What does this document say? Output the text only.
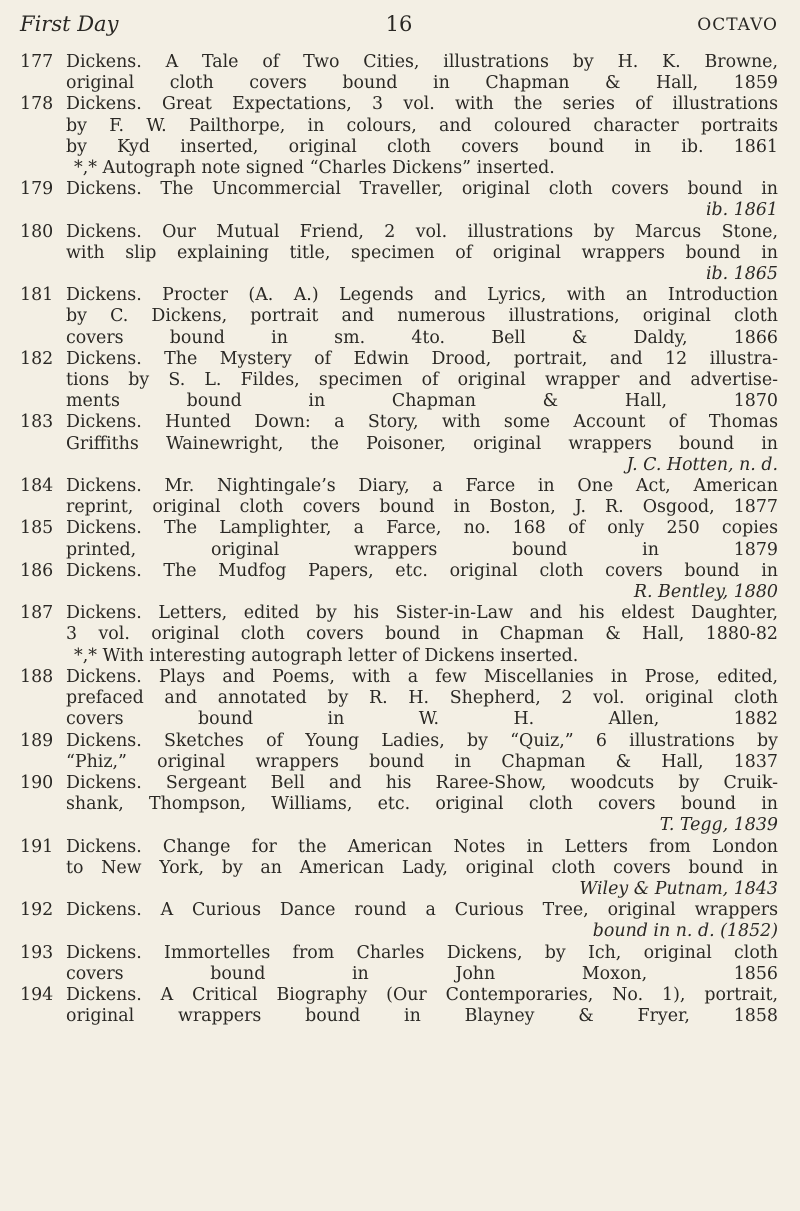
First Day	16	OCTAVO
177 Dickens. A Tale of Two Cities, illustrations by H. K. Browne,
original cloth covers bound in Chapman & Hall, 1859
178 Dickens. Great Expectations, 3 vol. with the series of illustrations
by F. W. Pailthorpe, in colours, and coloured character portraits
by Kyd inserted, original cloth covers bound in ib. 1861
*,* Autograph note signed “Charles Dickens” inserted.
179 Dickens. The Uncommercial Traveller, original cloth covers bound in
ib. 1861
180 Dickens. Our Mutual Friend, 2 vol. illustrations by Marcus Stone,
with slip explaining title, specimen of original wrappers bound in
ib. 1865
181 Dickens. Procter (A. A.) Legends and Lyrics, with an Introduction
by C. Dickens, portrait and numerous illustrations, original cloth
covers bound in sm. 4to. Bell & Daldy, 1866
182 Dickens. The Mystery of Edwin Drood, portrait, and 12 illustra-
tions by S. L. Fildes, specimen of original wrapper and advertise-
ments bound in Chapman & Hall, 1870
183 Dickens. Hunted Down: a Story, with some Account of Thomas
Griffiths Wainewright, the Poisoner, original wrappers bound in
J. C. Hotten, n. d.
184 Dickens. Mr. Nightingale’s Diary, a Farce in One Act, American
reprint, original cloth covers bound in Boston, J. R. Osgood, 1877
185 Dickens. The Lamplighter, a Farce, no. 168 of only 250 copies
printed, original wrappers bound in 1879
186 Dickens. The Mudfog Papers, etc. original cloth covers bound in
R. Bentley, 1880
187 Dickens. Letters, edited by his Sister-in-Law and his eldest Daughter,
3 vol. original cloth covers bound in Chapman & Hall, 1880-82
*,* With interesting autograph letter of Dickens inserted.
188 Dickens. Plays and Poems, with a few Miscellanies in Prose, edited,
prefaced and annotated by R. H. Shepherd, 2 vol. original cloth
covers bound in W. H. Allen, 1882
189 Dickens. Sketches of Young Ladies, by “Quiz,” 6 illustrations by
“Phiz,” original wrappers bound in Chapman & Hall, 1837
190 Dickens. Sergeant Bell and his Raree-Show, woodcuts by Cruik-
shank, Thompson, Williams, etc. original cloth covers bound in
T. Tegg, 1839
191 Dickens. Change for the American Notes in Letters from London
to New York, by an American Lady, original cloth covers bound in
Wiley & Putnam, 1843
192 Dickens. A Curious Dance round a Curious Tree, original wrappers
bound in n. d. (1852)
193 Dickens. Immortelles from Charles Dickens, by Ich, original cloth
covers bound in John Moxon, 1856
194 Dickens. A Critical Biography (Our Contemporaries, No. 1), portrait,
original wrappers bound in Blayney & Fryer, 1858
